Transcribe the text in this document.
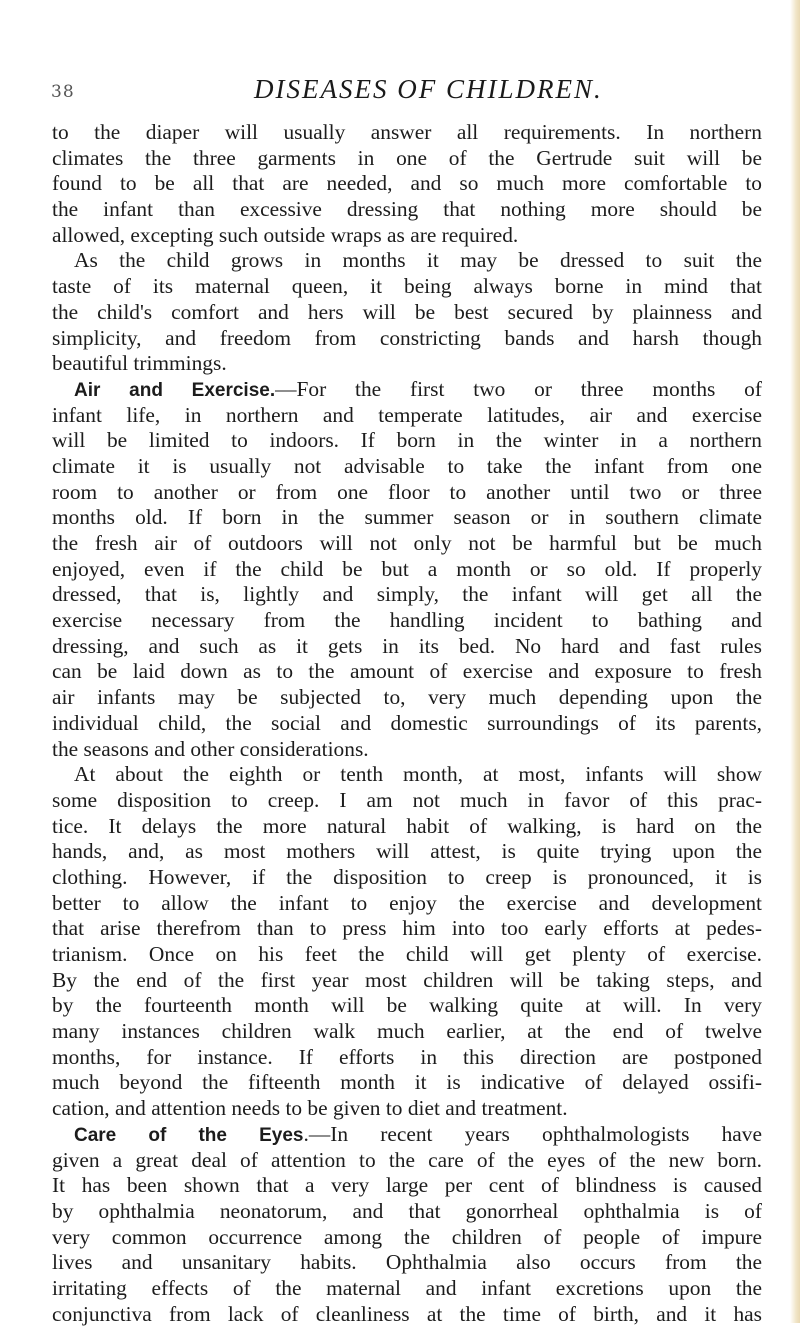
38	DISEASES OF CHILDREN.
to the diaper will usually answer all requirements. In northern
climates the three garments in one of the Gertrude suit will be
found to be all that are needed, and so much more comfortable to
the infant than excessive dressing that nothing more should be
allowed, excepting such outside wraps as are required.
As the child grows in months it may be dressed to suit the
taste of its maternal queen, it being always borne in mind that
the child's comfort and hers will be best secured by plainness and
simplicity, and freedom from constricting bands and harsh though
beautiful trimmings.
Air and Exercise.—For the first two or three months of
infant life, in northern and temperate latitudes, air and exercise
will be limited to indoors. If born in the winter in a northern
climate it is usually not advisable to take the infant from one
room to another or from one floor to another until two or three
months old. If born in the summer season or in southern climate
the fresh air of outdoors will not only not be harmful but be much
enjoyed, even if the child be but a month or so old. If properly
dressed, that is, lightly and simply, the infant will get all the
exercise necessary from the handling incident to bathing and
dressing, and such as it gets in its bed. No hard and fast rules
can be laid down as to the amount of exercise and exposure to fresh
air infants may be subjected to, very much depending upon the
individual child, the social and domestic surroundings of its parents,
the seasons and other considerations.
At about the eighth or tenth month, at most, infants will show
some disposition to creep. I am not much in favor of this prac-
tice. It delays the more natural habit of walking, is hard on the
hands, and, as most mothers will attest, is quite trying upon the
clothing. However, if the disposition to creep is pronounced, it is
better to allow the infant to enjoy the exercise and development
that arise therefrom than to press him into too early efforts at pedes-
trianism. Once on his feet the child will get plenty of exercise.
By the end of the first year most children will be taking steps, and
by the fourteenth month will be walking quite at will. In very
many instances children walk much earlier, at the end of twelve
months, for instance. If efforts in this direction are postponed
much beyond the fifteenth month it is indicative of delayed ossifi-
cation, and attention needs to be given to diet and treatment.
Care of the Eyes.—In recent years ophthalmologists have
given a great deal of attention to the care of the eyes of the new born.
It has been shown that a very large per cent of blindness is caused
by ophthalmia neonatorum, and that gonorrheal ophthalmia is of
very common occurrence among the children of people of impure
lives and unsanitary habits. Ophthalmia also occurs from the
irritating effects of the maternal and infant excretions upon the
conjunctiva from lack of cleanliness at the time of birth, and it has
